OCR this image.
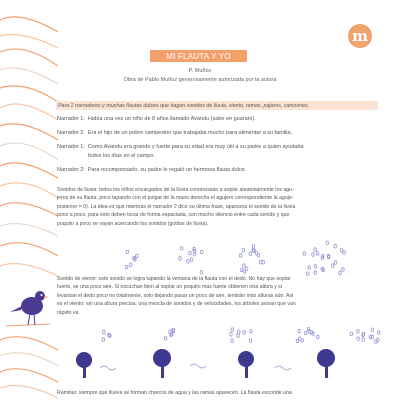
m
MI FLAUTA Y YO
P. Muñoz
Obra de Pablo Muñoz generosamente autorizada por la autora
Para 2 narradores y muchas flautas dulces que hagan sonidos de lluvia, viento, ramas, pájaros, canciones.
Narrador 1: Había una vez un niño de 8 años llamado Avandu (sabe en guaraní).
Narrador 2: Era el hijo de un pobre campesino que trabajaba mucho para alimentar a su familia.
Narrador 1: Como Avandu era grande y fuerte para su edad era muy útil a su padre a quien ayudaba
todos los días en el campo.
Narrador 2: Para recompensarlo, su padre le regaló un hermosa flauta dulce.
Sonidos de lluvia: todos los niños encargados de la lluvia comenzarán a soplar aleatoriamente los agu-
jeros de su flauta, poco tapando con el pulgar de la mano derecha el agujero correspondiente la aguje-
posterior = 0). La idea es que mientras el narrador 2 dice su última frase, aparezca el sonido de la lluvia
poco a poco, para esto deben tocar de forma espaciada, con mucho silencio entre cada sonido y que
poquito a poco se vayan acercando los sonidos (gotitas de lluvia).
Sonido de viento: este sonido se logra tapando la ventana de la flauta con el dedo. No hay que soplar
fuerte, se una poco aire. Si escuchan bien al soplar un poquito más fuerte obtienen otra altura y si
levantan el dedo poco no totalmente, solo dejando pasar un poco de aire, tendrán más alturas aún. Así
es el viento: sin una altura precisa, una mezcla de sonidos y de velocidades, los árboles avisan que van
rápido va.
Ramitas: siempre que llueve se forman charcos de agua y las ramas aparecen. La flauta esconde una
